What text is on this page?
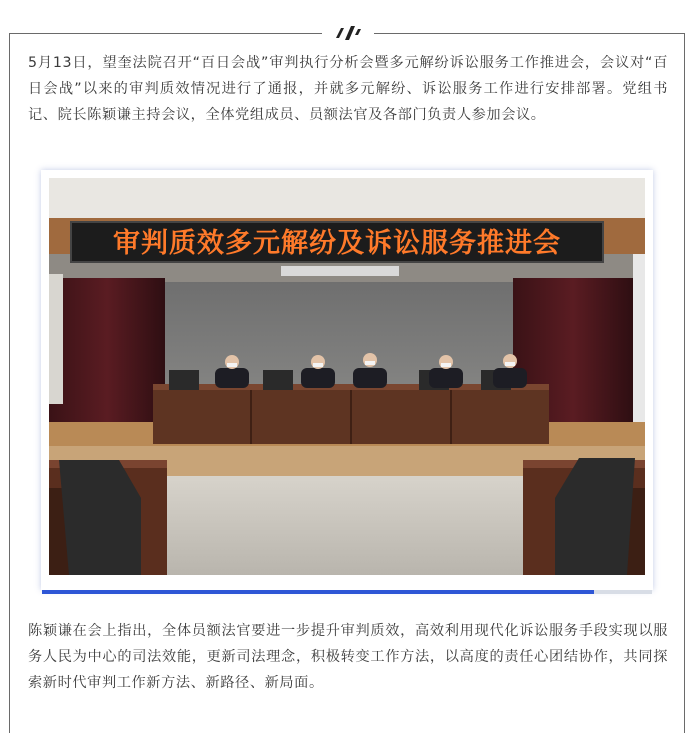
5月13日，望奎法院召开“百日会战”审判执行分析会暨多元解纷诉讼服务工作推进会，会议对“百日会战”以来的审判质效情况进行了通报，并就多元解纷、诉讼服务工作进行安排部署。党组书记、院长陈颖谦主持会议，全体党组成员、员额法官及各部门负责人参加会议。

审判质效多元解纷及诉讼服务推进会

陈颖谦在会上指出，全体员额法官要进一步提升审判质效，高效利用现代化诉讼服务手段实现以服务人民为中心的司法效能，更新司法理念，积极转变工作方法，以高度的责任心团结协作，共同探索新时代审判工作新方法、新路径、新局面。
